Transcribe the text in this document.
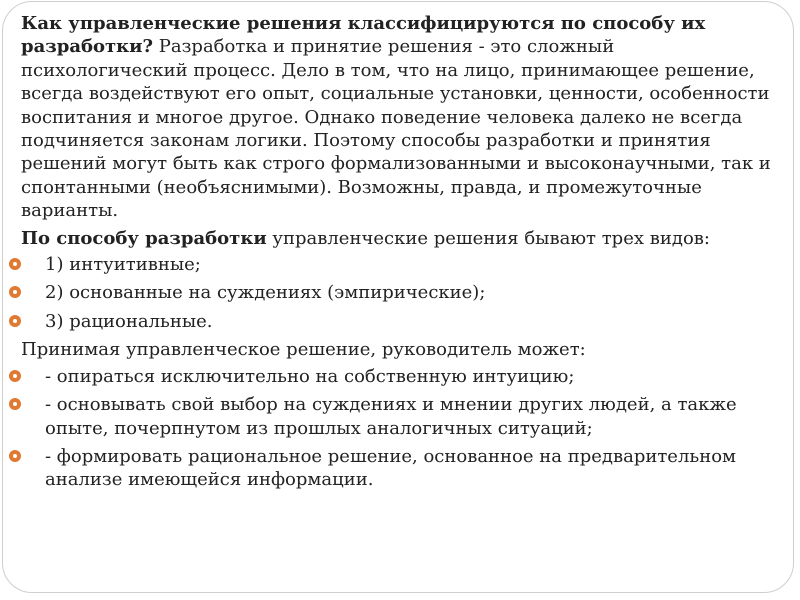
Как управленческие решения классифицируются по способу их разработки? Разработка и принятие решения - это сложный психологический процесс. Дело в том, что на лицо, принимающее решение, всегда воздействуют его опыт, социальные установки, ценности, особенности воспитания и многое другое. Однако поведение человека далеко не всегда подчиняется законам логики. Поэтому способы разработки и принятия решений могут быть как строго формализованными и высоконаучными, так и спонтанными (необъяснимыми). Возможны, правда, и промежуточные варианты.

По способу разработки управленческие решения бывают трех видов:

1) интуитивные;
2) основанные на суждениях (эмпирические);
3) рациональные.

Принимая управленческое решение, руководитель может:

- опираться исключительно на собственную интуицию;
- основывать свой выбор на суждениях и мнении других людей, а также опыте, почерпнутом из прошлых аналогичных ситуаций;
- формировать рациональное решение, основанное на предварительном анализе имеющейся информации.
